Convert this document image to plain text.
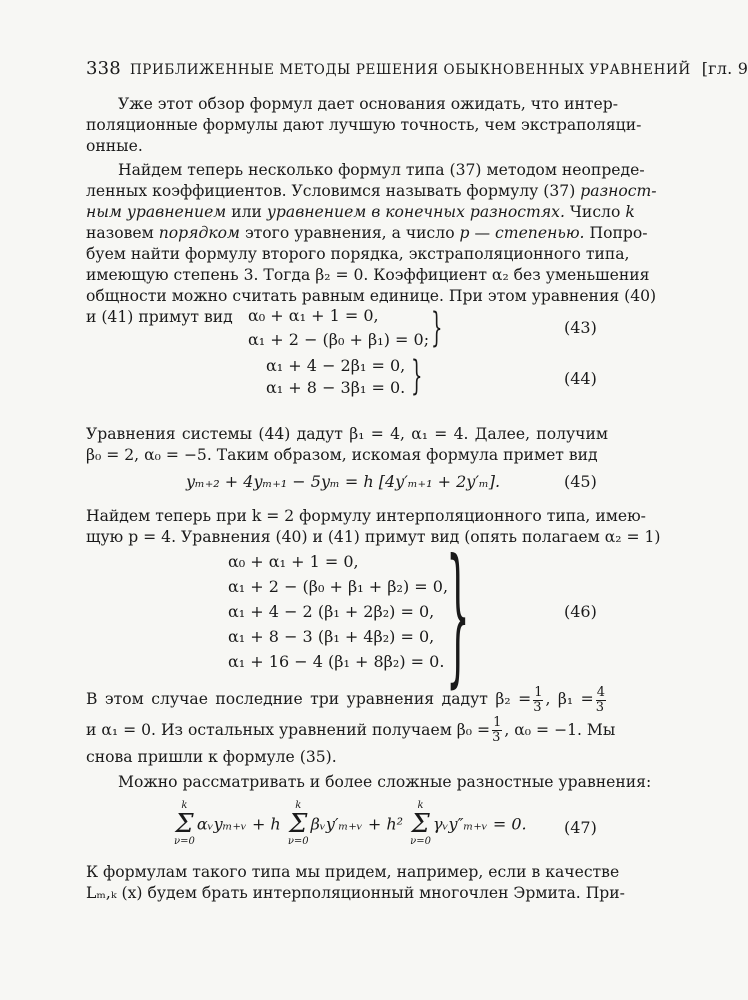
338 ПРИБЛИЖЕННЫЕ МЕТОДЫ РЕШЕНИЯ ОБЫКНОВЕННЫХ УРАВНЕНИЙ [гл. 9
Уже этот обзор формул дает основания ожидать, что интер-
поляционные формулы дают лучшую точность, чем экстраполяци-
онные.
Найдем теперь несколько формул типа (37) методом неопреде-
ленных коэффициентов. Условимся называть формулу (37) разност-
ным уравнением или уравнением в конечных разностях. Число k
назовем порядком этого уравнения, а число p — степенью. Попро-
буем найти формулу второго порядка, экстраполяционного типа,
имеющую степень 3. Тогда β₂ = 0. Коэффициент α₂ без уменьшения
общности можно считать равным единице. При этом уравнения (40)
и (41) примут вид α₀ + α₁ + 1 = 0,
α₁ + 2 − (β₀ + β₁) = 0; }	(43)
α₁ + 4 − 2β₁ = 0,
α₁ + 8 − 3β₁ = 0. }	(44)
Уравнения системы (44) дадут β₁ = 4, α₁ = 4. Далее, получим
β₀ = 2, α₀ = −5. Таким образом, искомая формула примет вид
yₘ₊₂ + 4yₘ₊₁ − 5yₘ = h [4y′ₘ₊₁ + 2y′ₘ].	(45)
Найдем теперь при k = 2 формулу интерполяционного типа, имею-
щую p = 4. Уравнения (40) и (41) примут вид (опять полагаем α₂ = 1)
α₀ + α₁ + 1 = 0,
α₁ + 2 − (β₀ + β₁ + β₂) = 0,
α₁ + 4 − 2 (β₁ + 2β₂) = 0,
α₁ + 8 − 3 (β₁ + 4β₂) = 0,
α₁ + 16 − 4 (β₁ + 8β₂) = 0. }	(46)
В этом случае последние три уравнения дадут $\beta_2 = \frac{1}{3}$ , $\beta_1 = \frac{4}{3}$
и α₁ = 0. Из остальных уравнений получаем $\beta_0 = \frac{1}{3}$ , α₀ = −1. Мы
снова пришли к формуле (35).
Можно рассматривать и более сложные разностные уравнения:
k
Σ
ν=0
αᵥyₘ₊ᵥ + h
k
Σ
ν=0
βᵥy′ₘ₊ᵥ + h²
k
Σ
ν=0
γᵥy″ₘ₊ᵥ = 0. (47)
К формулам такого типа мы придем, например, если в качестве
Lₘ,ₖ (x) будем брать интерполяционный многочлен Эрмита. При-
